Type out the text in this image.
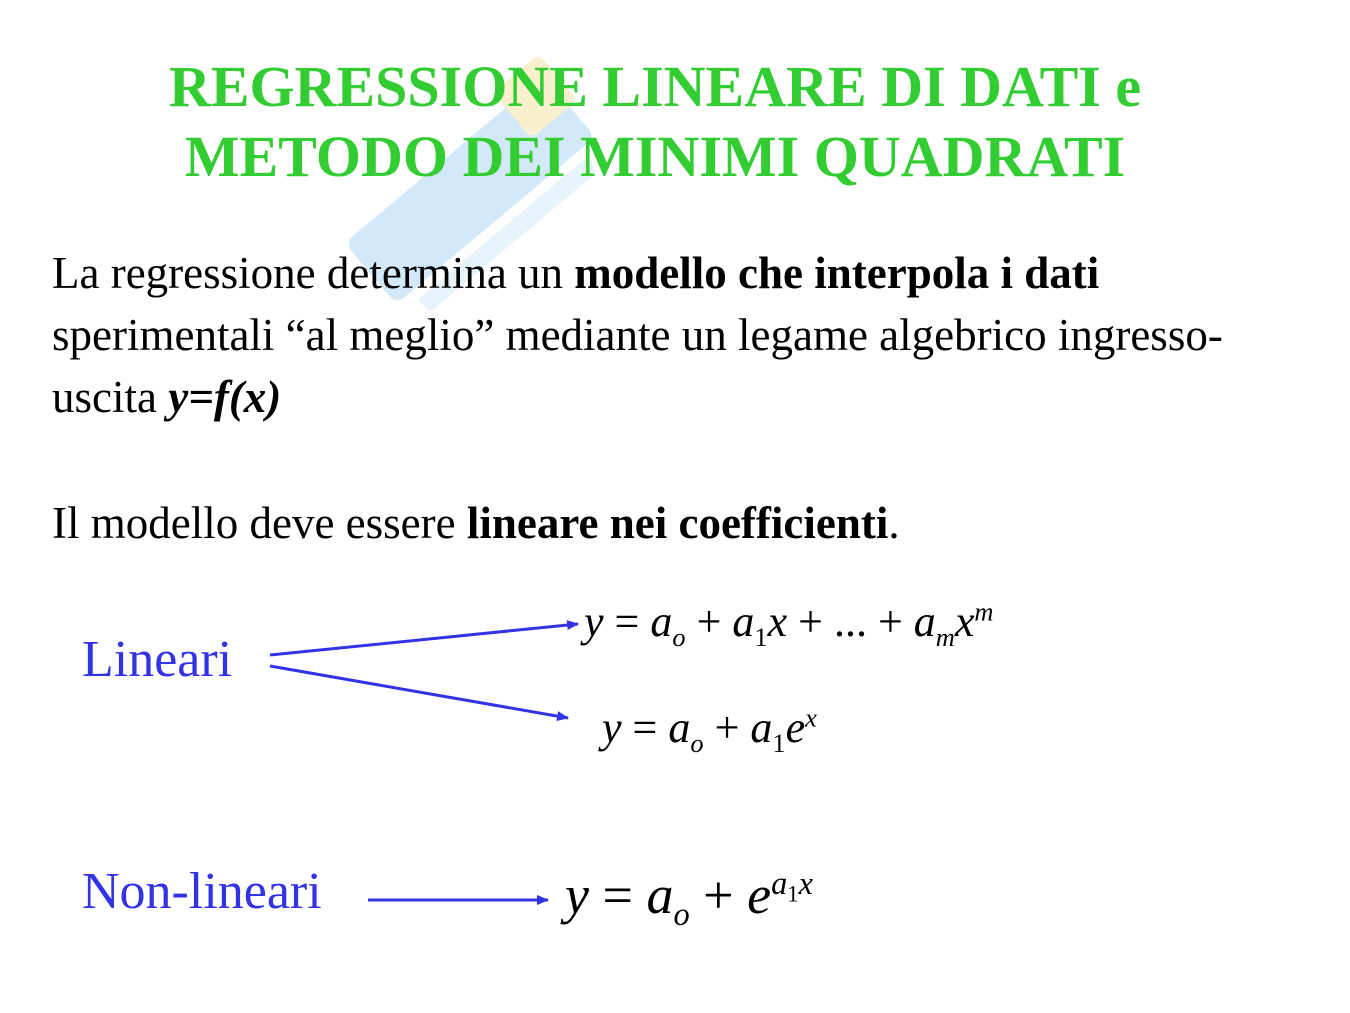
REGRESSIONE LINEARE DI DATI e
METODO DEI MINIMI QUADRATI
La regressione determina un modello che interpola i dati sperimentali “al meglio” mediante un legame algebrico ingresso-uscita y=f(x)
Il modello deve essere lineare nei coefficienti.
Lineari
Non-lineari
$y = a_o + a_1x$ + ... + $a_mx^m$
$y = a_o + a_1e^x$
$y = a_o + e^{a_1x}$
